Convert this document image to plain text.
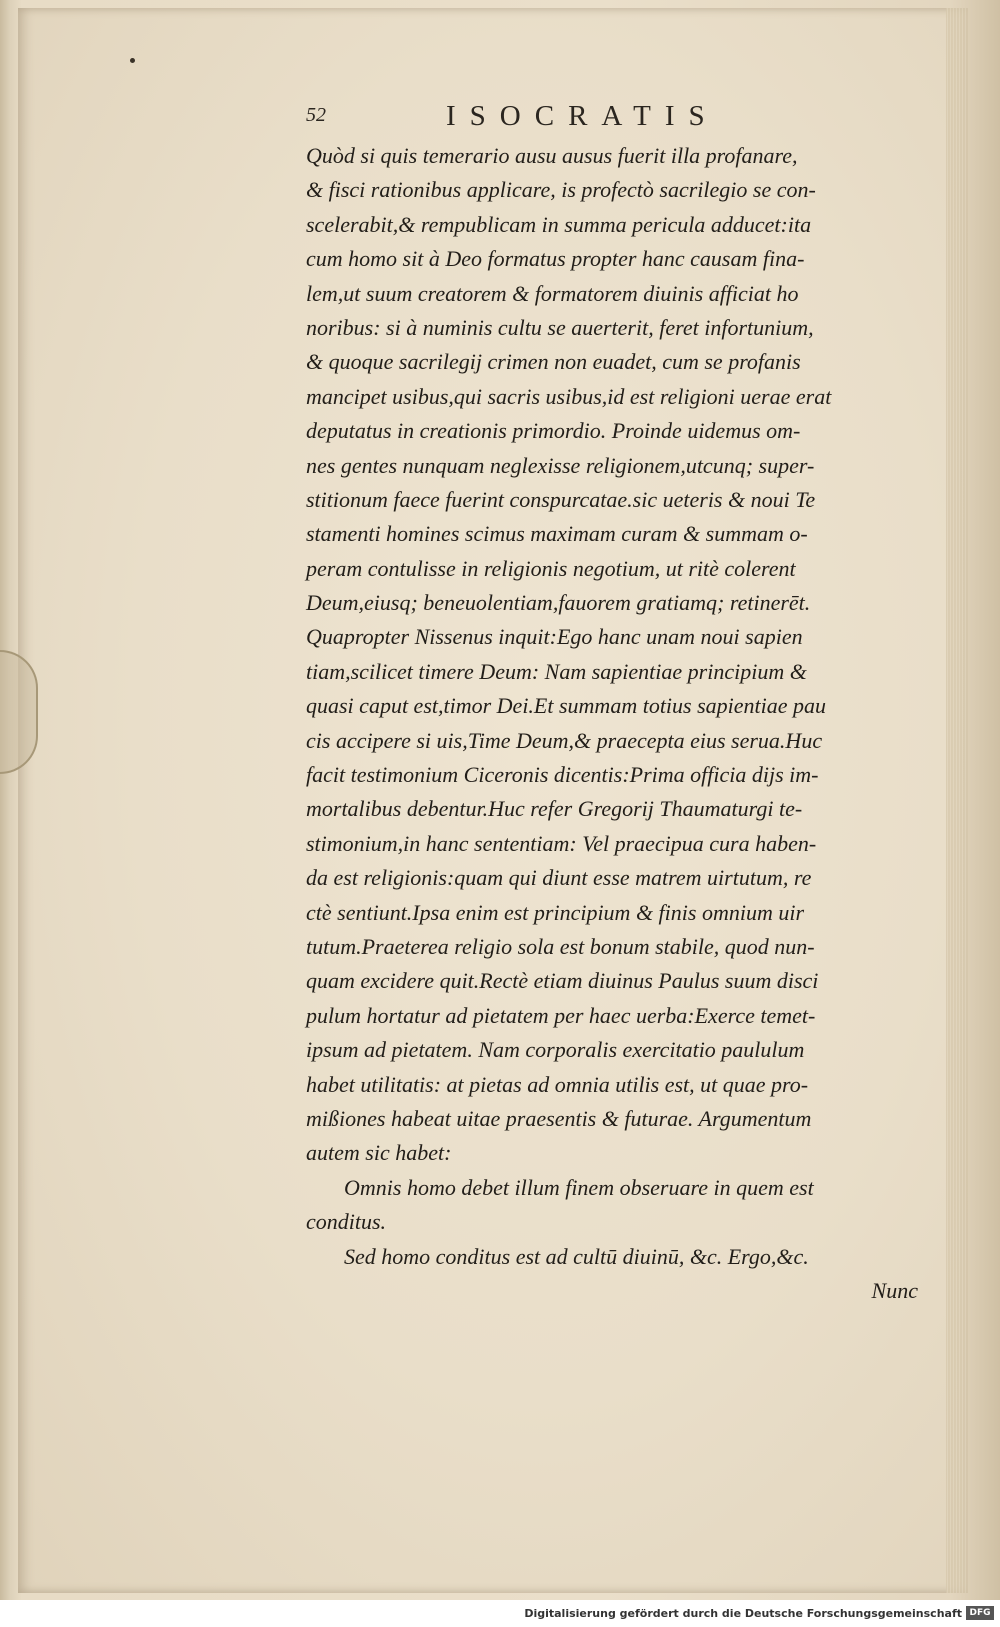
52	ISOCRATIS
Quòd si quis temerario ausu ausus fuerit illa profanare,
& fisci rationibus applicare, is profectò sacrilegio se con-
scelerabit,& rempublicam in summa pericula adducet:ita
cum homo sit à Deo formatus propter hanc causam fina-
lem,ut suum creatorem & formatorem diuinis afficiat ho
noribus: si à numinis cultu se auerterit, feret infortunium,
& quoque sacrilegij crimen non euadet, cum se profanis
mancipet usibus,qui sacris usibus,id est religioni uerae erat
deputatus in creationis primordio. Proinde uidemus om-
nes gentes nunquam neglexisse religionem,utcunq; super-
stitionum faece fuerint conspurcatae.sic ueteris & noui Te
stamenti homines scimus maximam curam & summam o-
peram contulisse in religionis negotium, ut ritè colerent
Deum,eiusq; beneuolentiam,fauorem gratiamq; retinerēt.
Quapropter Nissenus inquit:Ego hanc unam noui sapien
tiam,scilicet timere Deum: Nam sapientiae principium &
quasi caput est,timor Dei.Et summam totius sapientiae pau
cis accipere si uis,Time Deum,& praecepta eius serua.Huc
facit testimonium Ciceronis dicentis:Prima officia dijs im-
mortalibus debentur.Huc refer Gregorij Thaumaturgi te-
stimonium,in hanc sententiam: Vel praecipua cura haben-
da est religionis:quam qui diunt esse matrem uirtutum, re
ctè sentiunt.Ipsa enim est principium & finis omnium uir
tutum.Praeterea religio sola est bonum stabile, quod nun-
quam excidere quit.Rectè etiam diuinus Paulus suum disci
pulum hortatur ad pietatem per haec uerba:Exerce temet-
ipsum ad pietatem. Nam corporalis exercitatio paululum
habet utilitatis: at pietas ad omnia utilis est, ut quae pro-
mißiones habeat uitae praesentis & futurae. Argumentum
autem sic habet:
Omnis homo debet illum finem obseruare in quem est
conditus.
Sed homo conditus est ad cultū diuinū, &c. Ergo,&c.
Nunc
Digitalisierung gefördert durch die Deutsche Forschungsgemeinschaft DFG
